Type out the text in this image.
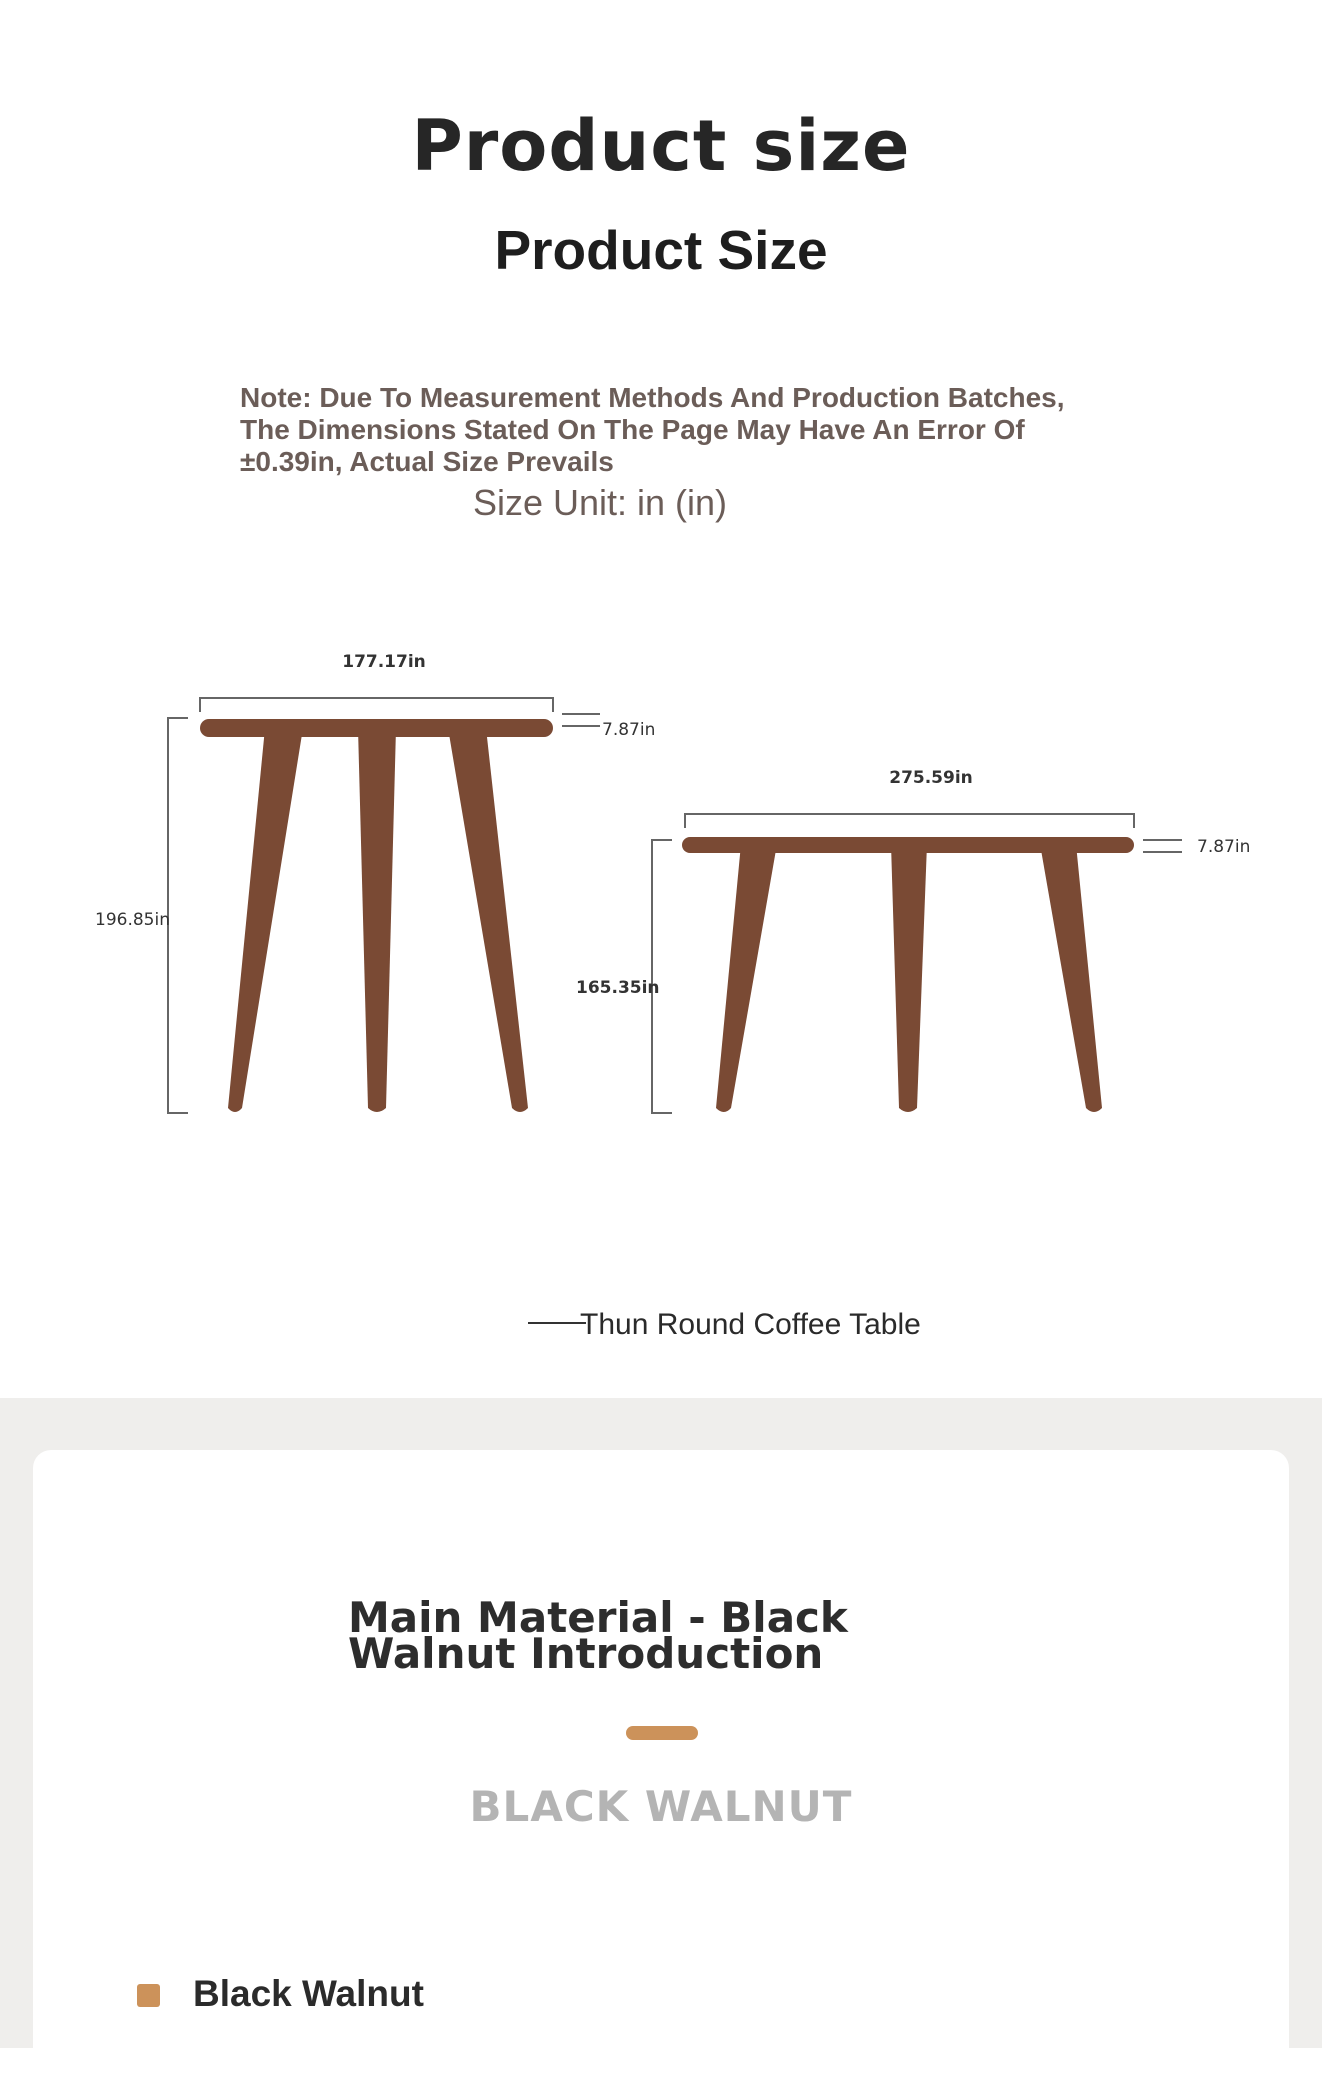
Product size
Product Size
Note: Due To Measurement Methods And Production Batches, The Dimensions Stated On The Page May Have An Error Of ±0.39in, Actual Size Prevails
Size Unit: in (in)
177.17in
7.87in
196.85in
275.59in
7.87in
165.35in
Thun Round Coffee Table
Main Material - Black Walnut Introduction
BLACK WALNUT
Black Walnut
